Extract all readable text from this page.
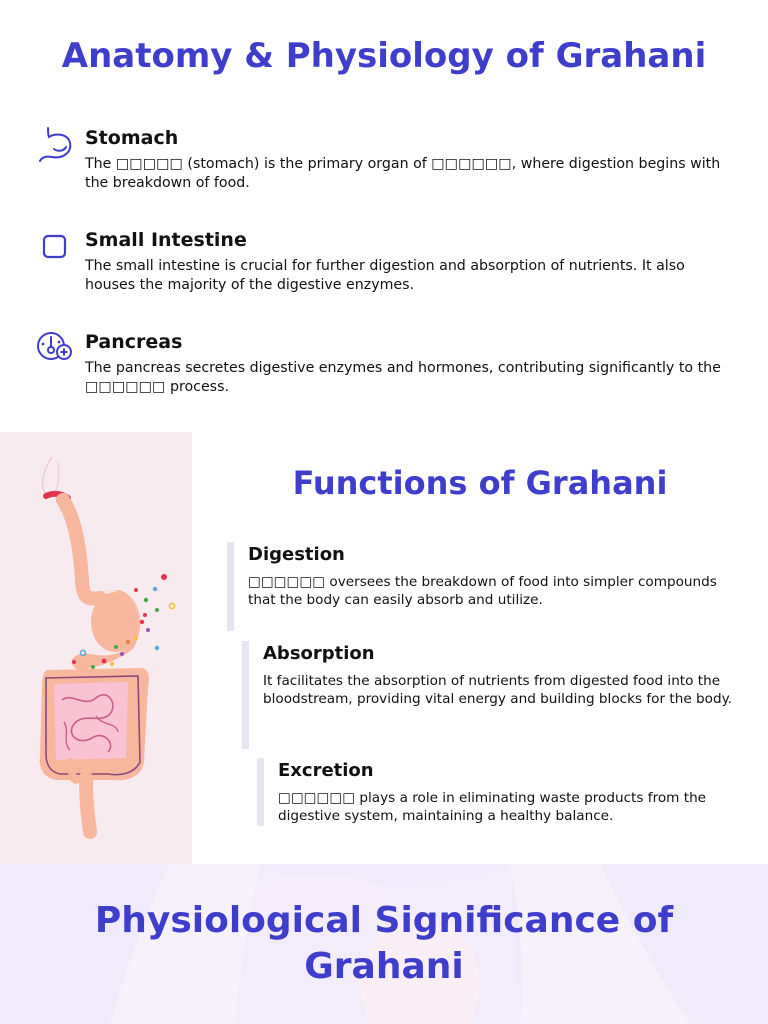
Anatomy & Physiology of Grahani
Stomach

The □□□□□ (stomach) is the primary organ of □□□□□□, where digestion begins with the breakdown of food.

Small Intestine

The small intestine is crucial for further digestion and absorption of nutrients. It also houses the majority of the digestive enzymes.

Pancreas

The pancreas secretes digestive enzymes and hormones, contributing significantly to the □□□□□□ process.

Functions of Grahani
Digestion

□□□□□□ oversees the breakdown of food into simpler compounds that the body can easily absorb and utilize.

Absorption

It facilitates the absorption of nutrients from digested food into the bloodstream, providing vital energy and building blocks for the body.

Excretion

□□□□□□ plays a role in eliminating waste products from the digestive system, maintaining a healthy balance.

Physiological Significance of Grahani
